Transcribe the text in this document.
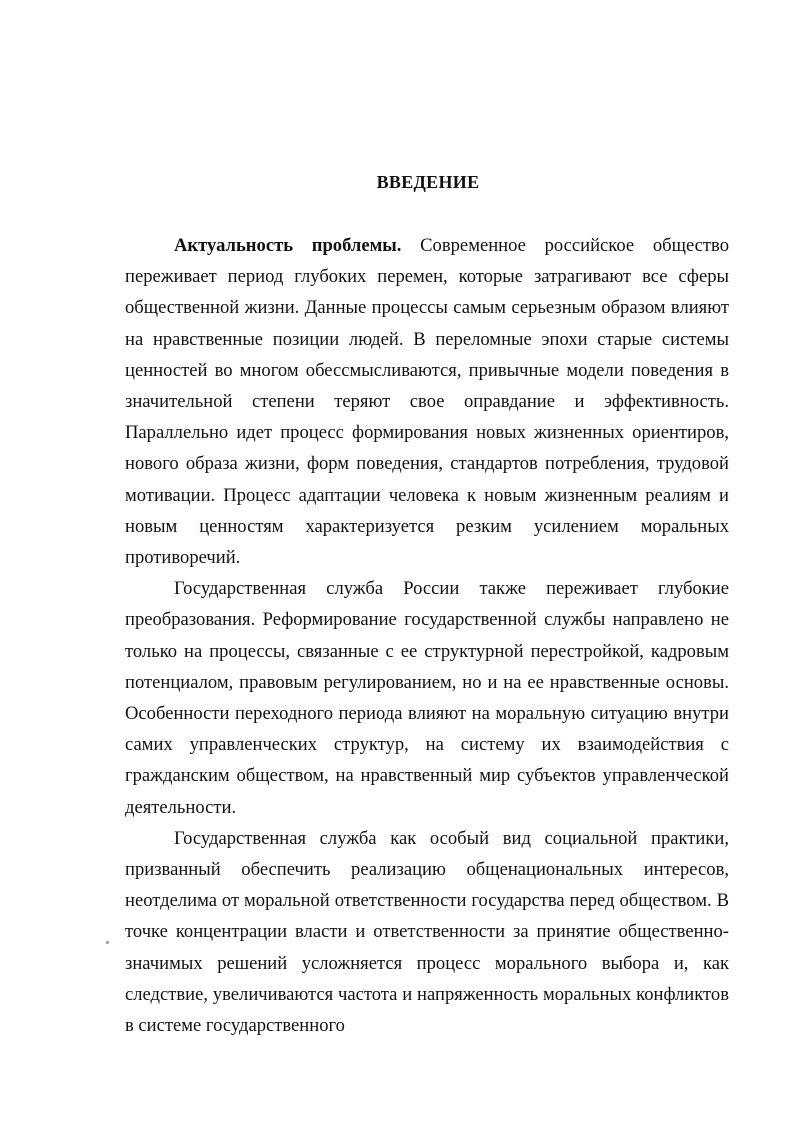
ВВЕДЕНИЕ

Актуальность проблемы. Современное российское общество переживает период глубоких перемен, которые затрагивают все сферы общественной жизни. Данные процессы самым серьезным образом влияют на нравственные позиции людей. В переломные эпохи старые системы ценностей во многом обессмысливаются, привычные модели поведения в значительной степени теряют свое оправдание и эффективность. Параллельно идет процесс формирования новых жизненных ориентиров, нового образа жизни, форм поведения, стандартов потребления, трудовой мотивации. Процесс адаптации человека к новым жизненным реалиям и новым ценностям характеризуется резким усилением моральных противоречий.

Государственная служба России также переживает глубокие преобразования. Реформирование государственной службы направлено не только на процессы, связанные с ее структурной перестройкой, кадровым потенциалом, правовым регулированием, но и на ее нравственные основы. Особенности переходного периода влияют на моральную ситуацию внутри самих управленческих структур, на систему их взаимодействия с гражданским обществом, на нравственный мир субъектов управленческой деятельности.

Государственная служба как особый вид социальной практики, призванный обеспечить реализацию общенациональных интересов, неотделима от моральной ответственности государства перед обществом. В точке концентрации власти и ответственности за принятие общественно-значимых решений усложняется процесс морального выбора и, как следствие, увеличиваются частота и напряженность моральных конфликтов в системе государственного
